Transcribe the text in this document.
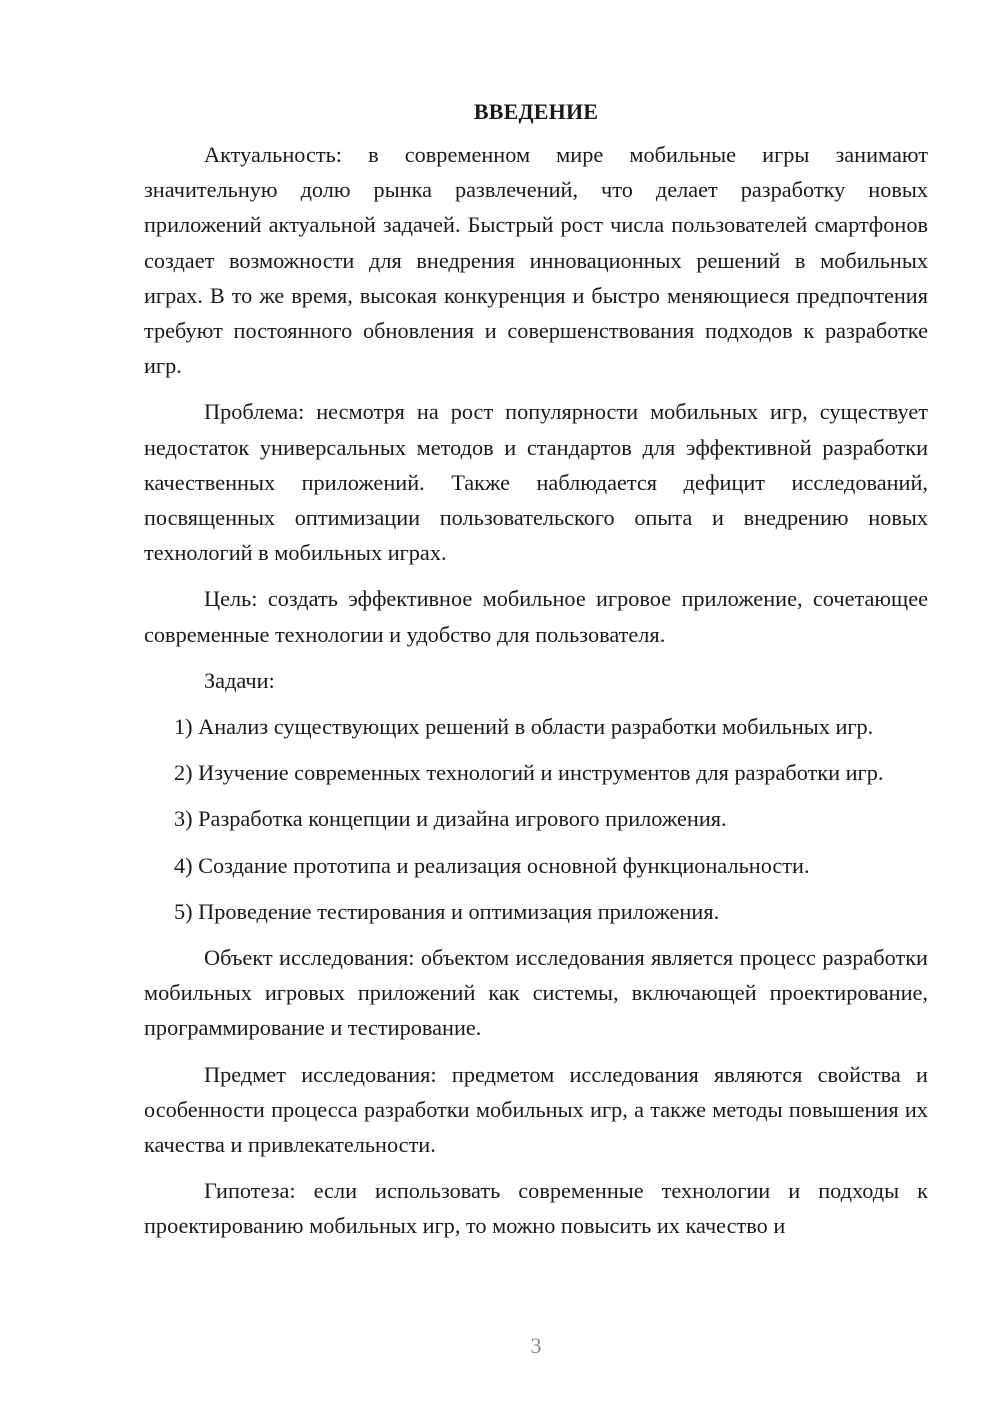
ВВЕДЕНИЕ

Актуальность: в современном мире мобильные игры занимают значительную долю рынка развлечений, что делает разработку новых приложений актуальной задачей. Быстрый рост числа пользователей смартфонов создает возможности для внедрения инновационных решений в мобильных играх. В то же время, высокая конкуренция и быстро меняющиеся предпочтения требуют постоянного обновления и совершенствования подходов к разработке игр.

Проблема: несмотря на рост популярности мобильных игр, существует недостаток универсальных методов и стандартов для эффективной разработки качественных приложений. Также наблюдается дефицит исследований, посвященных оптимизации пользовательского опыта и внедрению новых технологий в мобильных играх.

Цель: создать эффективное мобильное игровое приложение, сочетающее современные технологии и удобство для пользователя.

Задачи:

1) Анализ существующих решений в области разработки мобильных игр.

2) Изучение современных технологий и инструментов для разработки игр.

3) Разработка концепции и дизайна игрового приложения.

4) Создание прототипа и реализация основной функциональности.

5) Проведение тестирования и оптимизация приложения.

Объект исследования: объектом исследования является процесс разработки мобильных игровых приложений как системы, включающей проектирование, программирование и тестирование.

Предмет исследования: предметом исследования являются свойства и особенности процесса разработки мобильных игр, а также методы повышения их качества и привлекательности.

Гипотеза: если использовать современные технологии и подходы к проектированию мобильных игр, то можно повысить их качество и

3
